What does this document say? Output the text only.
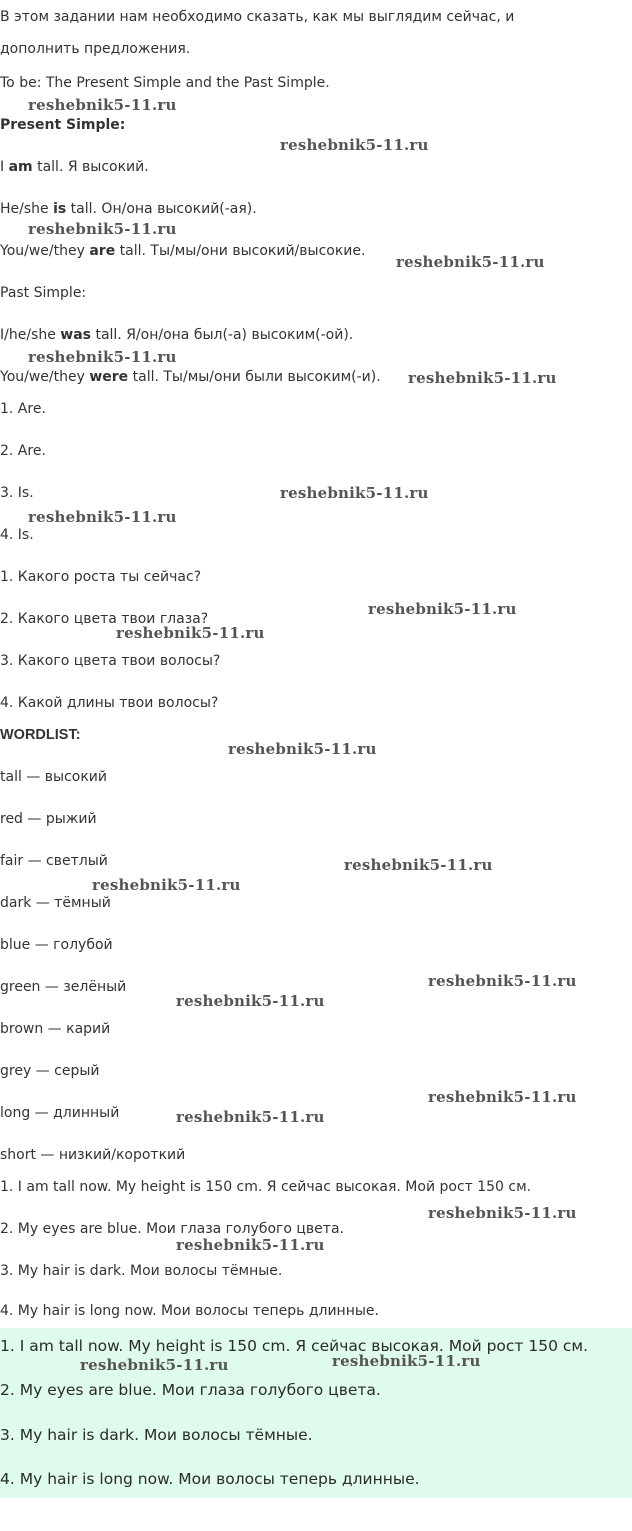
В этом задании нам необходимо сказать, как мы выглядим сейчас, и
дополнить предложения.
To be: The Present Simple and the Past Simple.
Present Simple:
I am tall. Я высокий.
He/she is tall. Он/она высокий(-ая).
You/we/they are tall. Ты/мы/они высокий/высокие.
Past Simple:
I/he/she was tall. Я/он/она был(-а) высоким(-ой).
You/we/they were tall. Ты/мы/они были высоким(-и).
1. Are.
2. Are.
3. Is.
4. Is.
1. Какого роста ты сейчас?
2. Какого цвета твои глаза?
3. Какого цвета твои волосы?
4. Какой длины твои волосы?
WORDLIST:
tall — высокий
red — рыжий
fair — светлый
dark — тёмный
blue — голубой
green — зелёный
brown — карий
grey — серый
long — длинный
short — низкий/короткий
1. I am tall now. My height is 150 cm. Я сейчас высокая. Мой рост 150 см.
2. My eyes are blue. Мои глаза голубого цвета.
3. My hair is dark. Мои волосы тёмные.
4. My hair is long now. Мои волосы теперь длинные.
1. I am tall now. My height is 150 cm. Я сейчас высокая. Мой рост 150 см.
2. My eyes are blue. Мои глаза голубого цвета.
3. My hair is dark. Мои волосы тёмные.
4. My hair is long now. Мои волосы теперь длинные.
reshebnik5-11.ru
reshebnik5-11.ru
reshebnik5-11.ru
reshebnik5-11.ru
reshebnik5-11.ru
reshebnik5-11.ru
reshebnik5-11.ru
reshebnik5-11.ru
reshebnik5-11.ru
reshebnik5-11.ru
reshebnik5-11.ru
reshebnik5-11.ru
reshebnik5-11.ru
reshebnik5-11.ru
reshebnik5-11.ru
reshebnik5-11.ru
reshebnik5-11.ru
reshebnik5-11.ru
reshebnik5-11.ru
reshebnik5-11.ru	reshebnik5-11.ru
